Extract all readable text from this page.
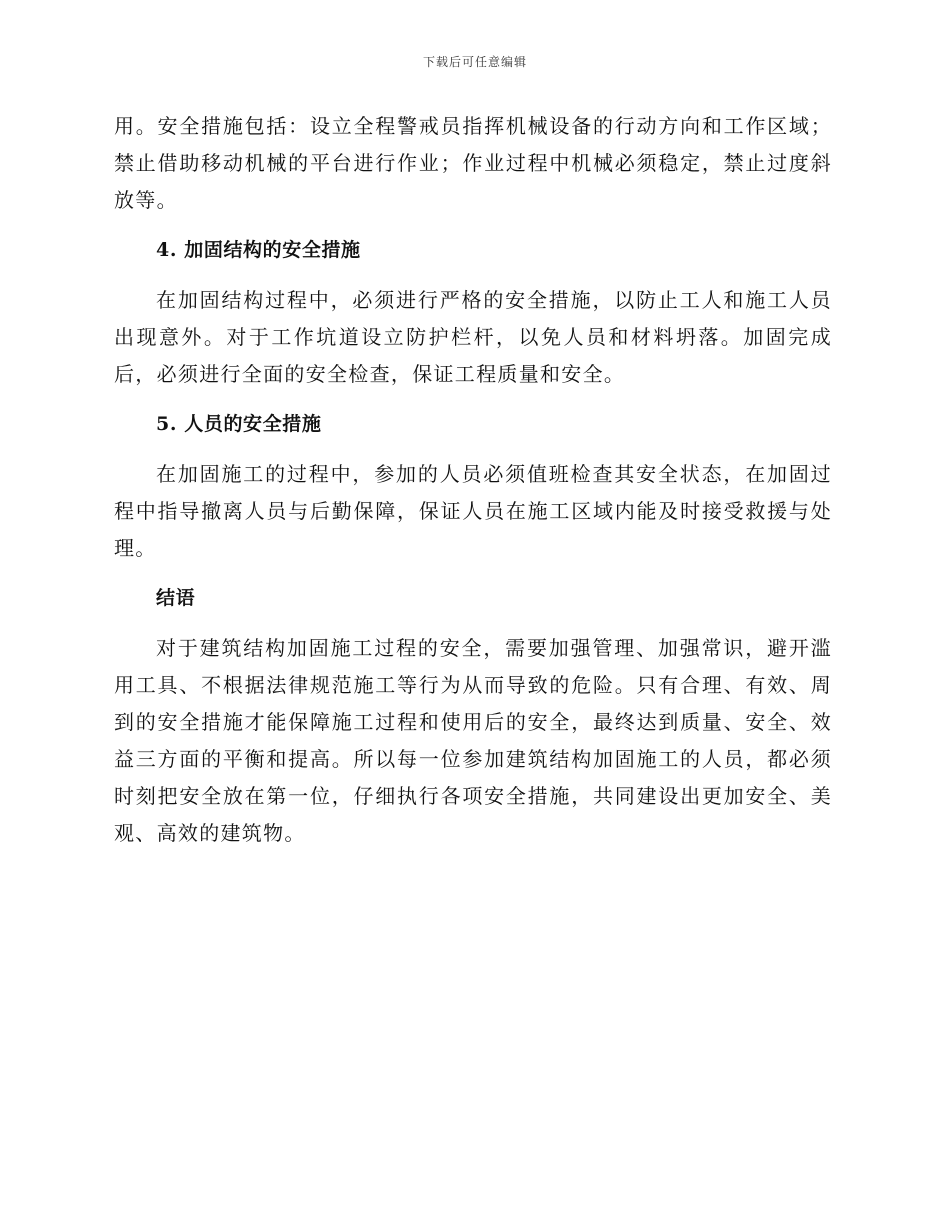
下载后可任意编辑

用。安全措施包括：设立全程警戒员指挥机械设备的行动方向和工作区域；禁止借助移动机械的平台进行作业；作业过程中机械必须稳定，禁止过度斜放等。

4. 加固结构的安全措施

在加固结构过程中，必须进行严格的安全措施，以防止工人和施工人员出现意外。对于工作坑道设立防护栏杆，以免人员和材料坍落。加固完成后，必须进行全面的安全检查，保证工程质量和安全。

5. 人员的安全措施

在加固施工的过程中，参加的人员必须值班检查其安全状态，在加固过程中指导撤离人员与后勤保障，保证人员在施工区域内能及时接受救援与处理。

结语

对于建筑结构加固施工过程的安全，需要加强管理、加强常识，避开滥用工具、不根据法律规范施工等行为从而导致的危险。只有合理、有效、周到的安全措施才能保障施工过程和使用后的安全，最终达到质量、安全、效益三方面的平衡和提高。所以每一位参加建筑结构加固施工的人员，都必须时刻把安全放在第一位，仔细执行各项安全措施，共同建设出更加安全、美观、高效的建筑物。
